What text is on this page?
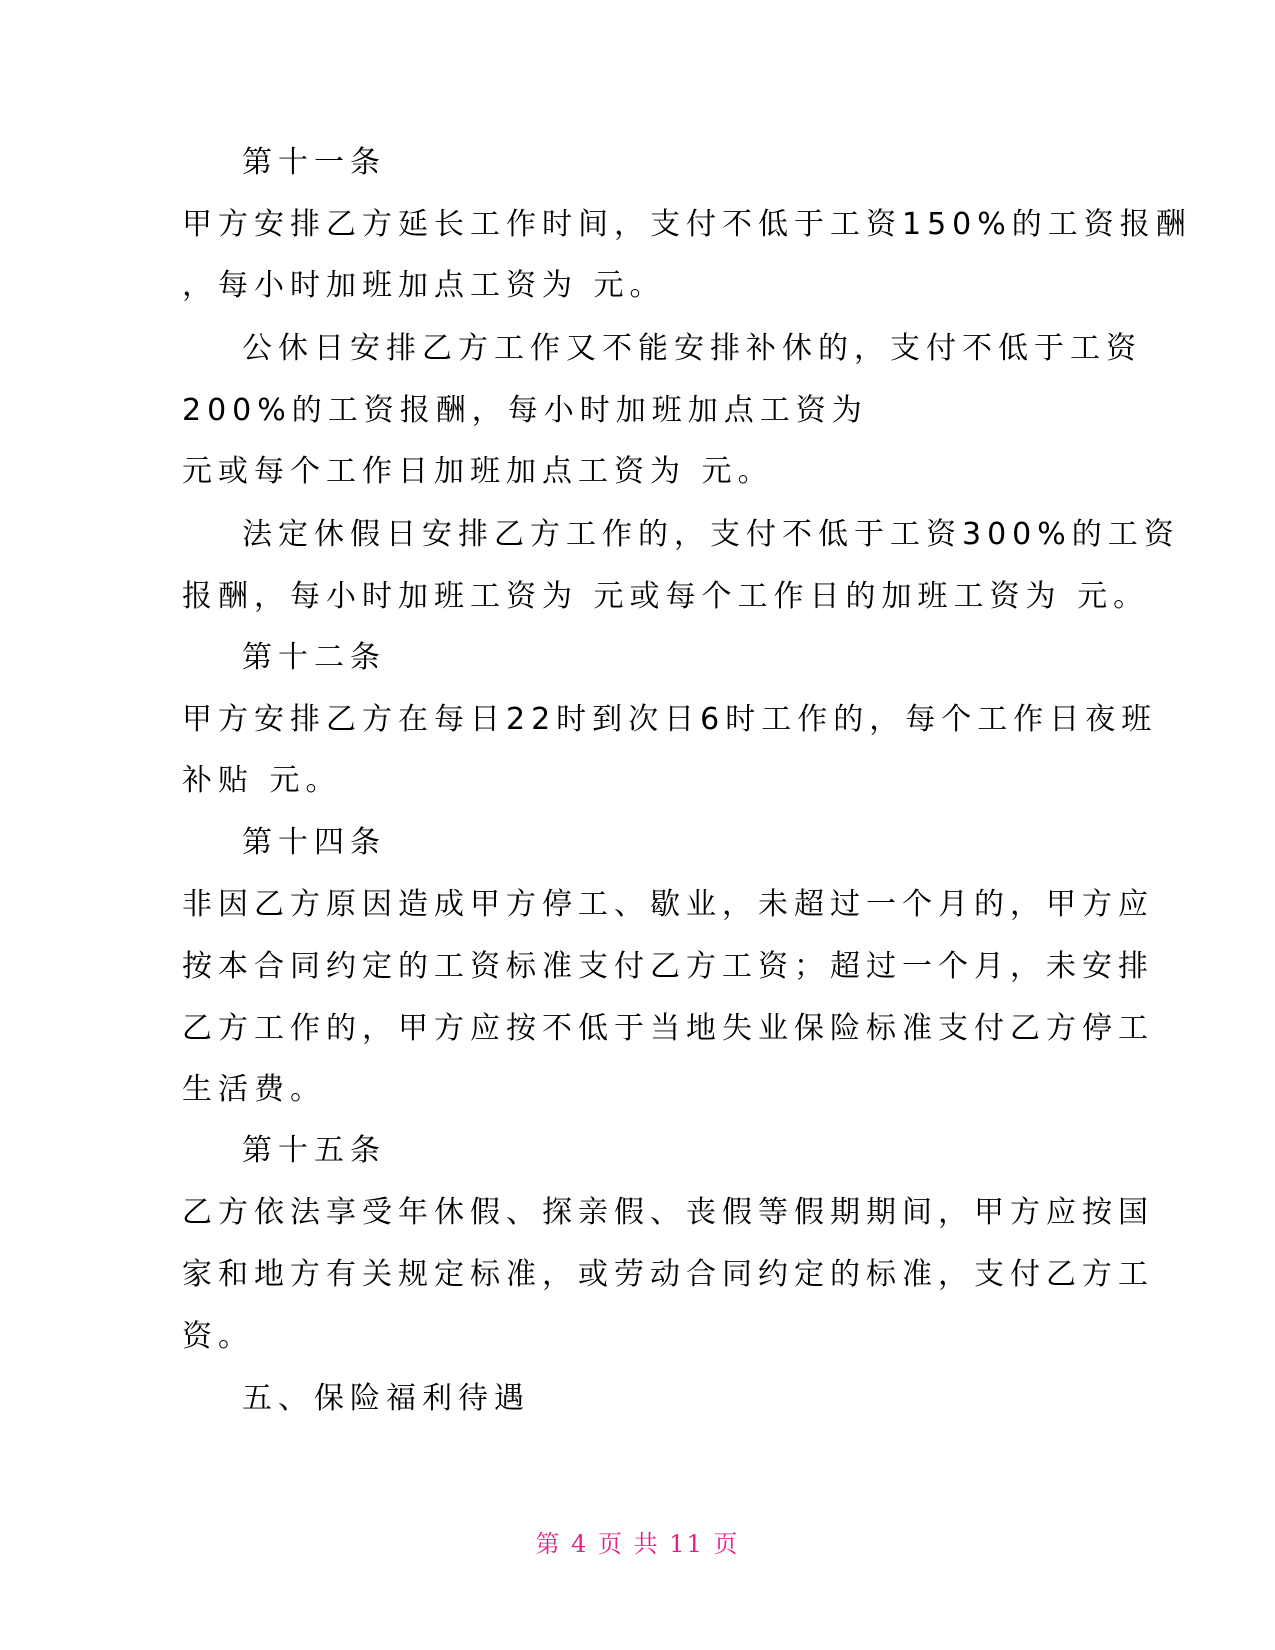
第十一条
甲方安排乙方延长工作时间，支付不低于工资150%的工资报酬
，每小时加班加点工资为 元。
公休日安排乙方工作又不能安排补休的，支付不低于工资
200%的工资报酬，每小时加班加点工资为
元或每个工作日加班加点工资为 元。
法定休假日安排乙方工作的，支付不低于工资300%的工资
报酬，每小时加班工资为 元或每个工作日的加班工资为 元。
第十二条
甲方安排乙方在每日22时到次日6时工作的，每个工作日夜班
补贴 元。
第十四条
非因乙方原因造成甲方停工、歇业，未超过一个月的，甲方应
按本合同约定的工资标准支付乙方工资；超过一个月，未安排
乙方工作的，甲方应按不低于当地失业保险标准支付乙方停工
生活费。
第十五条
乙方依法享受年休假、探亲假、丧假等假期期间，甲方应按国
家和地方有关规定标准，或劳动合同约定的标准，支付乙方工
资。
五、保险福利待遇
第 4 页 共 11 页
